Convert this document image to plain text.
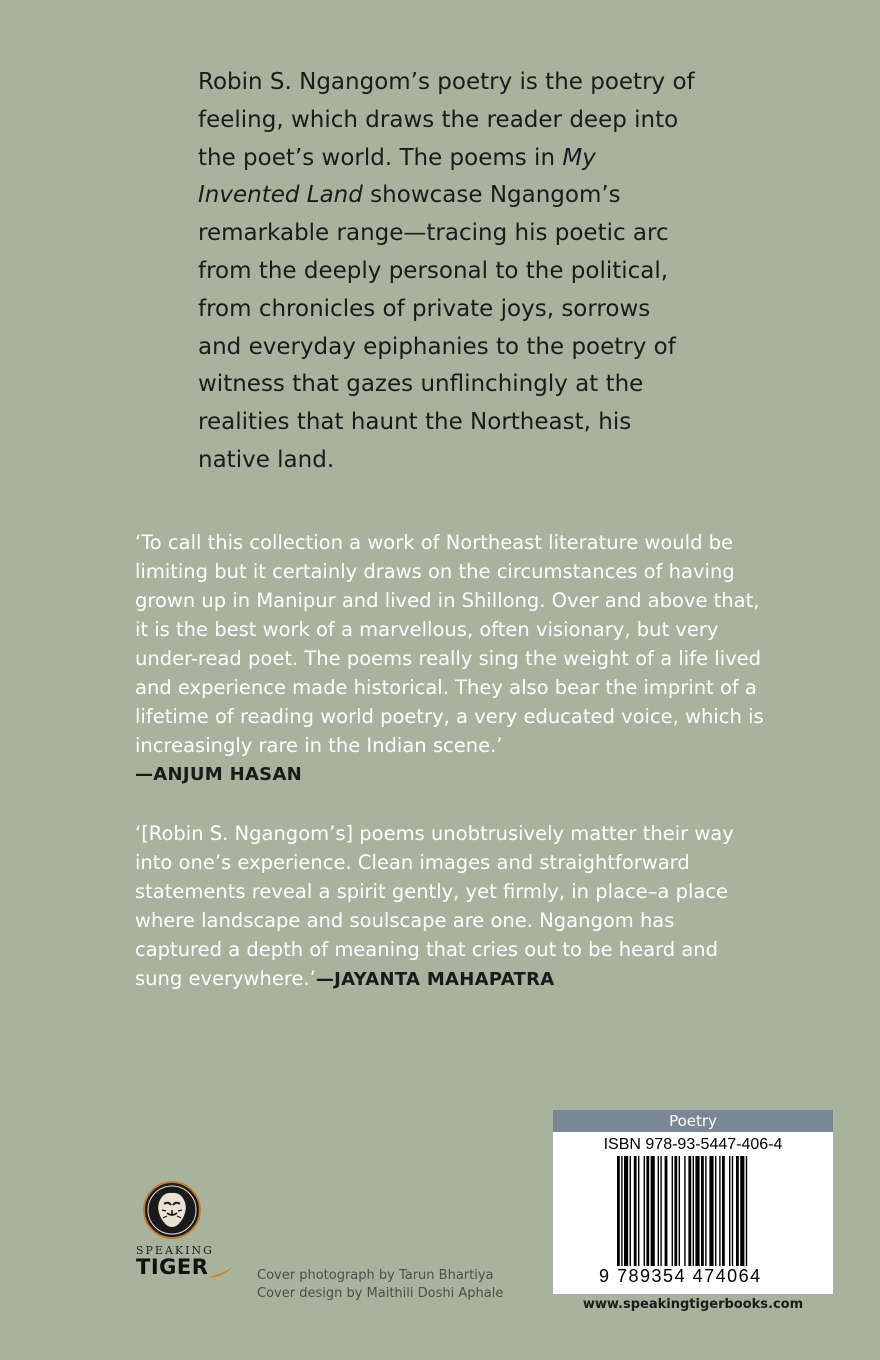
Robin S. Ngangom’s poetry is the poetry of feeling, which draws the reader deep into the poet’s world. The poems in My Invented Land showcase Ngangom’s remarkable range—tracing his poetic arc from the deeply personal to the political, from chronicles of private joys, sorrows and everyday epiphanies to the poetry of witness that gazes unflinchingly at the realities that haunt the Northeast, his native land.

‘To call this collection a work of Northeast literature would be limiting but it certainly draws on the circumstances of having grown up in Manipur and lived in Shillong. Over and above that, it is the best work of a marvellous, often visionary, but very under-read poet. The poems really sing the weight of a life lived and experience made historical. They also bear the imprint of a lifetime of reading world poetry, a very educated voice, which is increasingly rare in the Indian scene.’
—ANJUM HASAN

‘[Robin S. Ngangom’s] poems unobtrusively matter their way into one’s experience. Clean images and straightforward statements reveal a spirit gently, yet firmly, in place–a place where landscape and soulscape are one. Ngangom has captured a depth of meaning that cries out to be heard and sung everywhere.’—JAYANTA MAHAPATRA

SPEAKING
TIGER	Cover photograph by Tarun Bhartiya
Cover design by Maithili Doshi Aphale
Poetry
ISBN 978-93-5447-406-4
9 789354 474064
www.speakingtigerbooks.com
